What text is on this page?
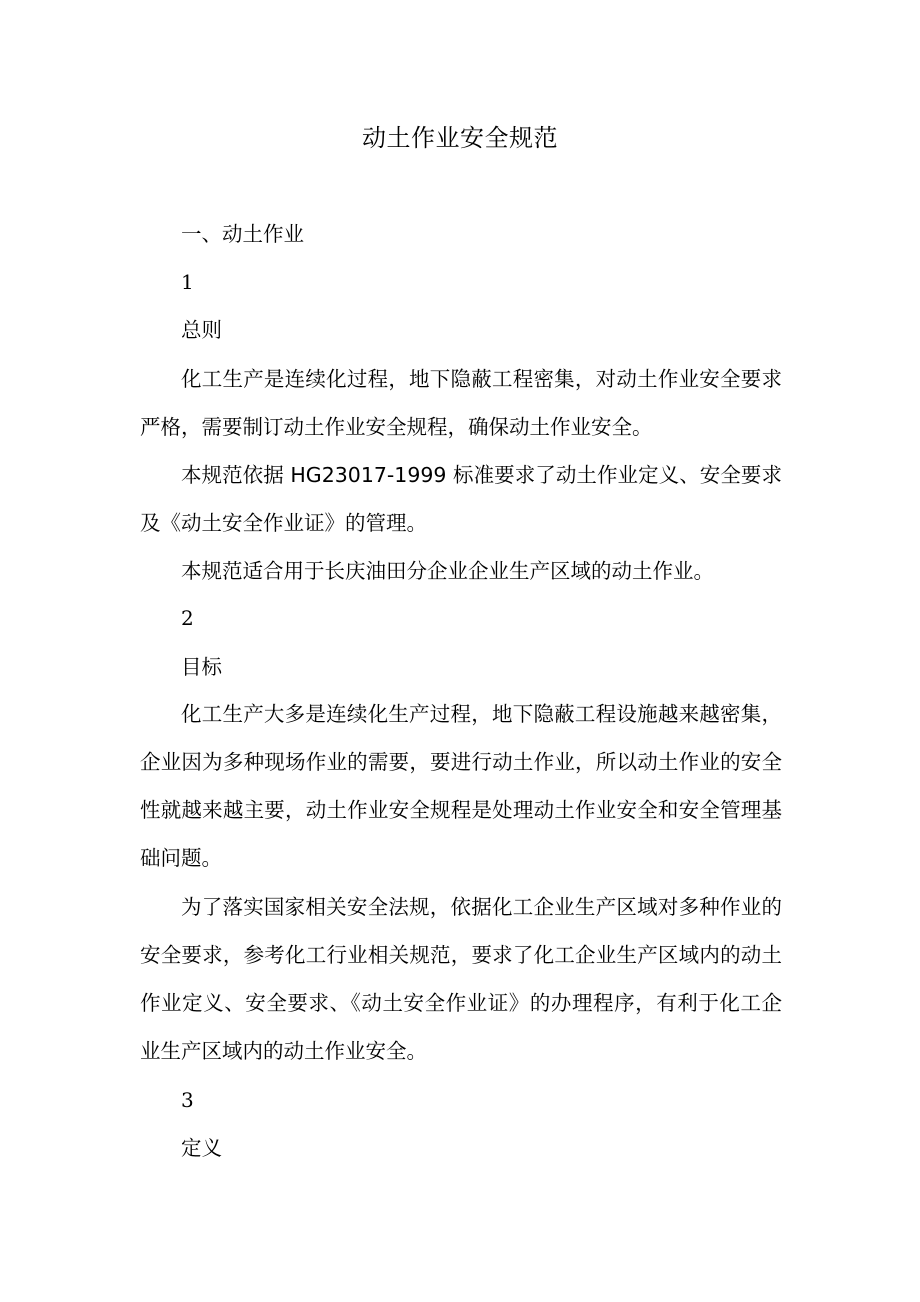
动土作业安全规范

一、动土作业

1

总则

化工生产是连续化过程，地下隐蔽工程密集，对动土作业安全要求严格，需要制订动土作业安全规程，确保动土作业安全。

本规范依据 HG23017-1999 标准要求了动土作业定义、安全要求及《动土安全作业证》的管理。

本规范适合用于长庆油田分企业企业生产区域的动土作业。

2

目标

化工生产大多是连续化生产过程，地下隐蔽工程设施越来越密集，企业因为多种现场作业的需要，要进行动土作业，所以动土作业的安全性就越来越主要，动土作业安全规程是处理动土作业安全和安全管理基础问题。

为了落实国家相关安全法规，依据化工企业生产区域对多种作业的安全要求，参考化工行业相关规范，要求了化工企业生产区域内的动土作业定义、安全要求、《动土安全作业证》的办理程序，有利于化工企业生产区域内的动土作业安全。

3

定义
